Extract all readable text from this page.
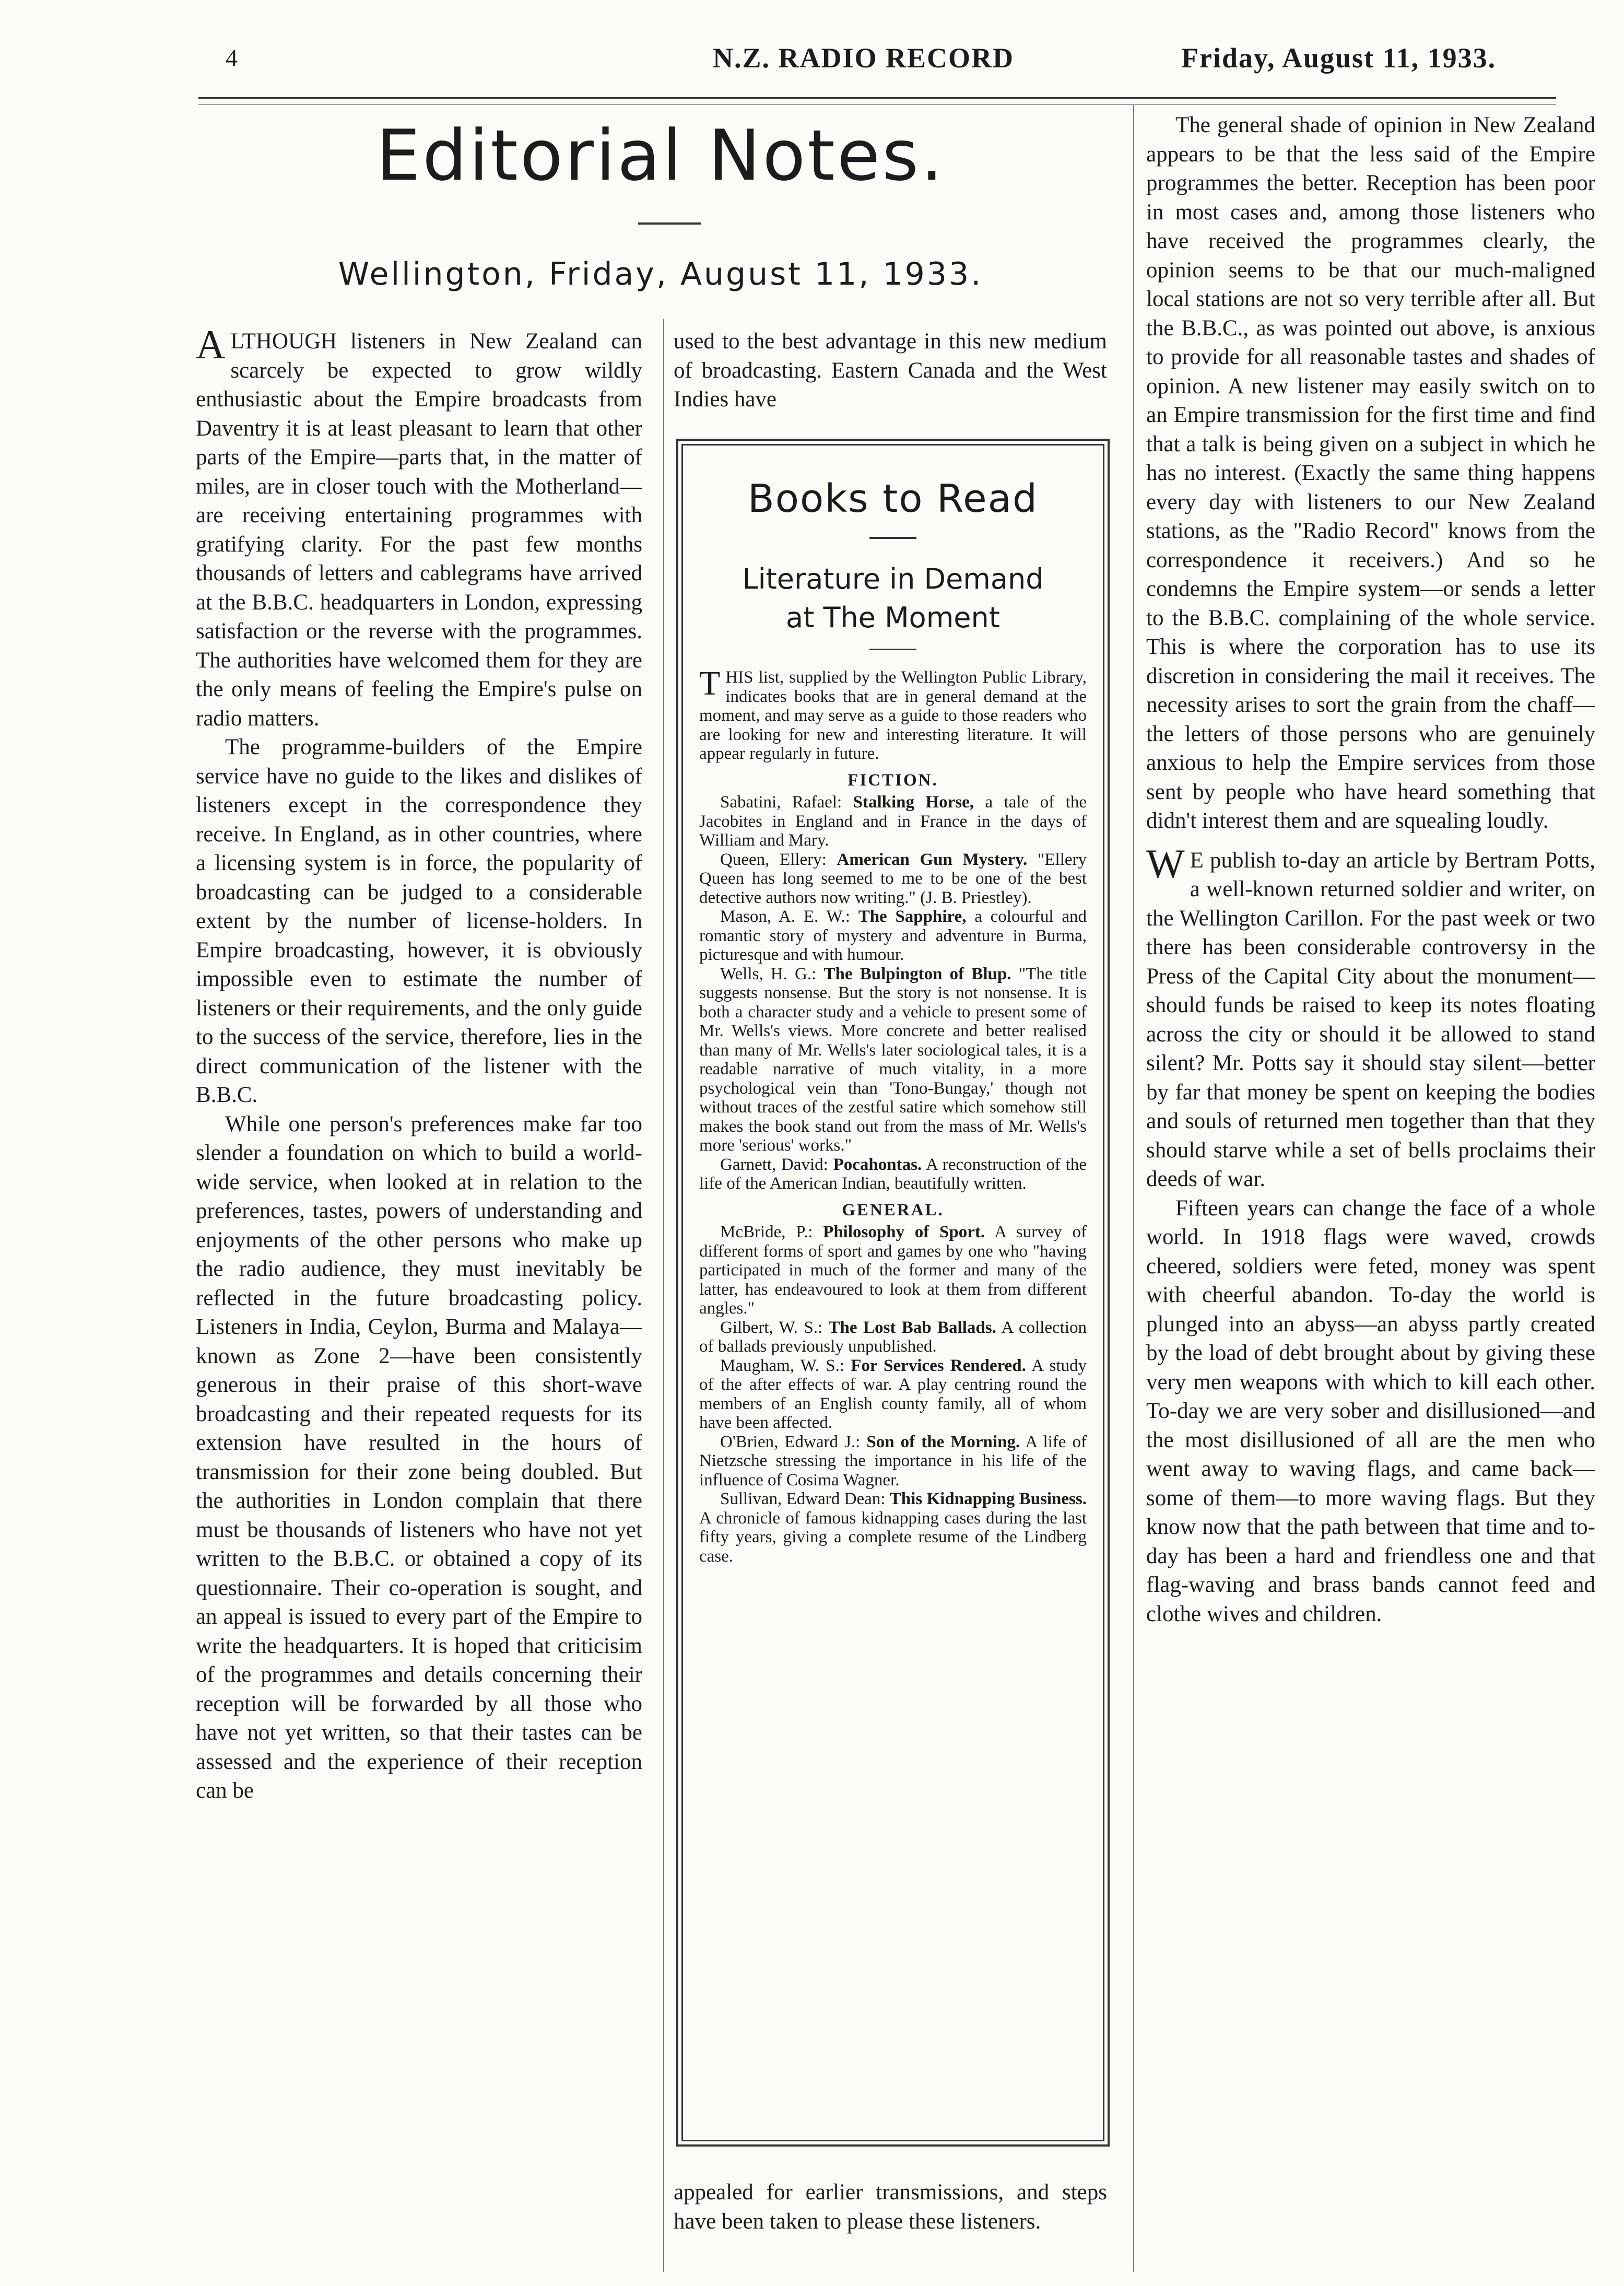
4	N.Z. RADIO RECORD	Friday, August 11, 1933.
Editorial Notes.
Wellington, Friday, August 11, 1933.

ALTHOUGH listeners in New Zealand can scarcely be expected to grow wildly enthusiastic about the Empire broadcasts from Daventry it is at least pleasant to learn that other parts of the Empire—parts that, in the matter of miles, are in closer touch with the Motherland—are receiving entertaining programmes with gratifying clarity. For the past few months thousands of letters and cablegrams have arrived at the B.B.C. headquarters in London, expressing satisfaction or the reverse with the programmes. The authorities have welcomed them for they are the only means of feeling the Empire's pulse on radio matters.

The programme-builders of the Empire service have no guide to the likes and dislikes of listeners except in the correspondence they receive. In England, as in other countries, where a licensing system is in force, the popularity of broadcasting can be judged to a considerable extent by the number of license-holders. In Empire broadcasting, however, it is obviously impossible even to estimate the number of listeners or their requirements, and the only guide to the success of the service, therefore, lies in the direct communication of the listener with the B.B.C.

While one person's preferences make far too slender a foundation on which to build a world-wide service, when looked at in relation to the preferences, tastes, powers of understanding and enjoyments of the other persons who make up the radio audience, they must inevitably be reflected in the future broadcasting policy. Listeners in India, Ceylon, Burma and Malaya—known as Zone 2—have been consistently generous in their praise of this short-wave broadcasting and their repeated requests for its extension have resulted in the hours of transmission for their zone being doubled. But the authorities in London complain that there must be thousands of listeners who have not yet written to the B.B.C. or obtained a copy of its questionnaire. Their co-operation is sought, and an appeal is issued to every part of the Empire to write the headquarters. It is hoped that criticisim of the programmes and details concerning their reception will be forwarded by all those who have not yet written, so that their tastes can be assessed and the experience of their reception can be

used to the best advantage in this new medium of broadcasting. Eastern Canada and the West Indies have
Books to Read
Literature in Demand
at The Moment

THIS list, supplied by the Wellington Public Library, indicates books that are in general demand at the moment, and may serve as a guide to those readers who are looking for new and interesting literature. It will appear regularly in future.

FICTION.

Sabatini, Rafael: Stalking Horse, a tale of the Jacobites in England and in France in the days of William and Mary.

Queen, Ellery: American Gun Mystery. "Ellery Queen has long seemed to me to be one of the best detective authors now writing." (J. B. Priestley).

Mason, A. E. W.: The Sapphire, a colourful and romantic story of mystery and adventure in Burma, picturesque and with humour.

Wells, H. G.: The Bulpington of Blup. "The title suggests nonsense. But the story is not nonsense. It is both a character study and a vehicle to present some of Mr. Wells's views. More concrete and better realised than many of Mr. Wells's later sociological tales, it is a readable narrative of much vitality, in a more psychological vein than 'Tono-Bungay,' though not without traces of the zestful satire which somehow still makes the book stand out from the mass of Mr. Wells's more 'serious' works."

Garnett, David: Pocahontas. A reconstruction of the life of the American Indian, beautifully written.

GENERAL.

McBride, P.: Philosophy of Sport. A survey of different forms of sport and games by one who "having participated in much of the former and many of the latter, has endeavoured to look at them from different angles."

Gilbert, W. S.: The Lost Bab Ballads. A collection of ballads previously unpublished.

Maugham, W. S.: For Services Rendered. A study of the after effects of war. A play centring round the members of an English county family, all of whom have been affected.

O'Brien, Edward J.: Son of the Morning. A life of Nietzsche stressing the importance in his life of the influence of Cosima Wagner.

Sullivan, Edward Dean: This Kidnapping Business. A chronicle of famous kidnapping cases during the last fifty years, giving a complete resume of the Lindberg case.

appealed for earlier transmissions, and steps have been taken to please these listeners.

The general shade of opinion in New Zealand appears to be that the less said of the Empire programmes the better. Reception has been poor in most cases and, among those listeners who have received the programmes clearly, the opinion seems to be that our much-maligned local stations are not so very terrible after all. But the B.B.C., as was pointed out above, is anxious to provide for all reasonable tastes and shades of opinion. A new listener may easily switch on to an Empire transmission for the first time and find that a talk is being given on a subject in which he has no interest. (Exactly the same thing happens every day with listeners to our New Zealand stations, as the "Radio Record" knows from the correspondence it receivers.) And so he condemns the Empire system—or sends a letter to the B.B.C. complaining of the whole service. This is where the corporation has to use its discretion in considering the mail it receives. The necessity arises to sort the grain from the chaff—the letters of those persons who are genuinely anxious to help the Empire services from those sent by people who have heard something that didn't interest them and are squealing loudly.

W E publish to-day an article by Bertram Potts, a well-known returned soldier and writer, on the Wellington Carillon. For the past week or two there has been considerable controversy in the Press of the Capital City about the monument—should funds be raised to keep its notes floating across the city or should it be allowed to stand silent? Mr. Potts say it should stay silent—better by far that money be spent on keeping the bodies and souls of returned men together than that they should starve while a set of bells proclaims their deeds of war.

Fifteen years can change the face of a whole world. In 1918 flags were waved, crowds cheered, soldiers were feted, money was spent with cheerful abandon. To-day the world is plunged into an abyss—an abyss partly created by the load of debt brought about by giving these very men weapons with which to kill each other. To-day we are very sober and disillusioned—and the most disillusioned of all are the men who went away to waving flags, and came back—some of them—to more waving flags. But they know now that the path between that time and to-day has been a hard and friendless one and that flag-waving and brass bands cannot feed and clothe wives and children.
